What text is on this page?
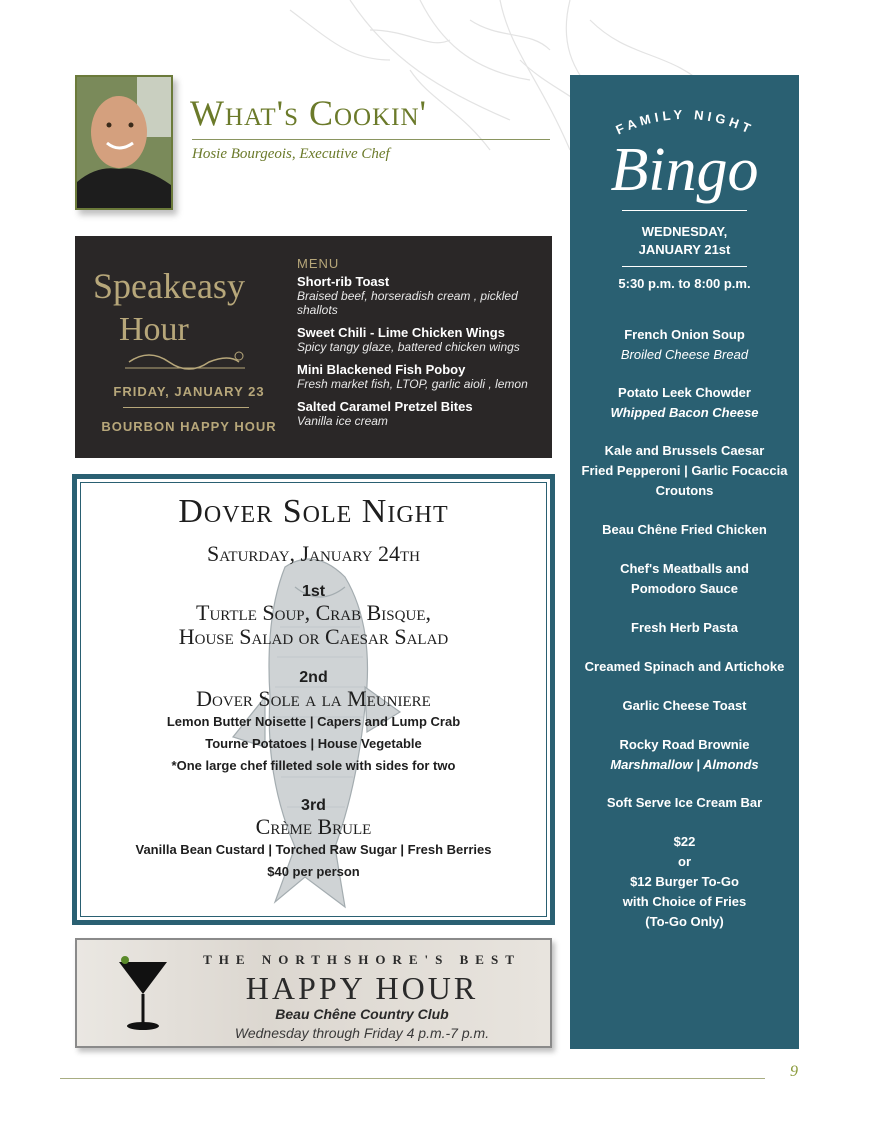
What's Cookin'
Hosie Bourgeois, Executive Chef
Speakeasy
Hour
FRIDAY, JANUARY 23
BOURBON HAPPY HOUR
MENU
Short-rib Toast
Braised beef, horseradish cream , pickled shallots
Sweet Chili - Lime Chicken Wings
Spicy tangy glaze, battered chicken wings
Mini Blackened Fish Poboy
Fresh market fish, LTOP, garlic aioli , lemon
Salted Caramel Pretzel Bites
Vanilla ice cream
Dover Sole Night
Saturday, January 24th
1st
Turtle Soup, Crab Bisque,
House Salad or Caesar Salad
2nd
Dover Sole a la Meuniere
Lemon Butter Noisette | Capers and Lump Crab
Tourne Potatoes | House Vegetable
*One large chef filleted sole with sides for two
3rd
Crème Brule
Vanilla Bean Custard | Torched Raw Sugar | Fresh Berries
$40 per person
THE NORTHSHORE'S BEST
HAPPY HOUR
Beau Chêne Country Club
Wednesday through Friday 4 p.m.-7 p.m.
FAMILY NIGHT
Bingo
WEDNESDAY,
JANUARY 21st
5:30 p.m. to 8:00 p.m.
French Onion Soup
Broiled Cheese Bread
Potato Leek Chowder
Whipped Bacon Cheese
Kale and Brussels Caesar
Fried Pepperoni | Garlic Focaccia
Croutons
Beau Chêne Fried Chicken
Chef's Meatballs and
Pomodoro Sauce
Fresh Herb Pasta
Creamed Spinach and Artichoke
Garlic Cheese Toast
Rocky Road Brownie
Marshmallow | Almonds
Soft Serve Ice Cream Bar
$22
or
$12 Burger To-Go
with Choice of Fries
(To-Go Only)
9
